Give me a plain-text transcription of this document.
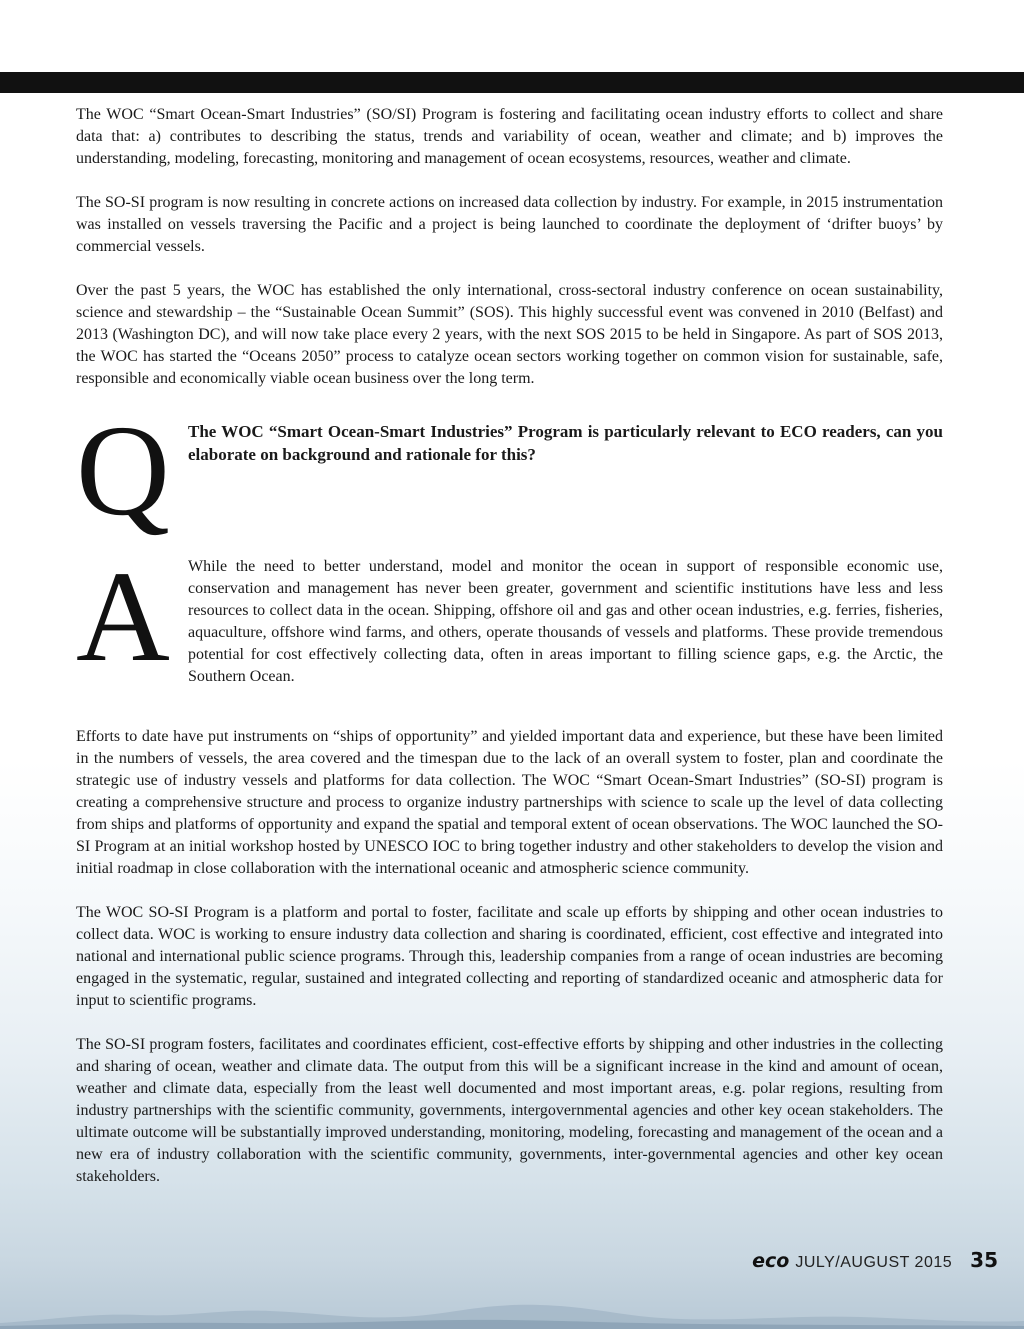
The WOC “Smart Ocean-Smart Industries” (SO/SI) Program is fostering and facilitating ocean industry efforts to collect and share data that: a) contributes to describing the status, trends and variability of ocean, weather and climate; and b) improves the understanding, modeling, forecasting, monitoring and management of ocean ecosystems, resources, weather and climate.

The SO-SI program is now resulting in concrete actions on increased data collection by industry. For example, in 2015 instrumentation was installed on vessels traversing the Pacific and a project is being launched to coordinate the deployment of ‘drifter buoys’ by commercial vessels.

Over the past 5 years, the WOC has established the only international, cross-sectoral industry conference on ocean sustainability, science and stewardship – the “Sustainable Ocean Summit” (SOS). This highly successful event was convened in 2010 (Belfast) and 2013 (Washington DC), and will now take place every 2 years, with the next SOS 2015 to be held in Singapore. As part of SOS 2013, the WOC has started the “Oceans 2050” process to catalyze ocean sectors working together on common vision for sustainable, safe, responsible and economically viable ocean business over the long term.

Q The WOC “Smart Ocean-Smart Industries” Program is particularly relevant to ECO readers, can you elaborate on background and rationale for this?

A While the need to better understand, model and monitor the ocean in support of responsible economic use, conservation and management has never been greater, government and scientific institutions have less and less resources to collect data in the ocean. Shipping, offshore oil and gas and other ocean industries, e.g. ferries, fisheries, aquaculture, offshore wind farms, and others, operate thousands of vessels and platforms. These provide tremendous potential for cost effectively collecting data, often in areas important to filling science gaps, e.g. the Arctic, the Southern Ocean.

Efforts to date have put instruments on “ships of opportunity” and yielded important data and experience, but these have been limited in the numbers of vessels, the area covered and the timespan due to the lack of an overall system to foster, plan and coordinate the strategic use of industry vessels and platforms for data collection. The WOC “Smart Ocean-Smart Industries” (SO-SI) program is creating a comprehensive structure and process to organize industry partnerships with science to scale up the level of data collecting from ships and platforms of opportunity and expand the spatial and temporal extent of ocean observations. The WOC launched the SO-SI Program at an initial workshop hosted by UNESCO IOC to bring together industry and other stakeholders to develop the vision and initial roadmap in close collaboration with the international oceanic and atmospheric science community.

The WOC SO-SI Program is a platform and portal to foster, facilitate and scale up efforts by shipping and other ocean industries to collect data. WOC is working to ensure industry data collection and sharing is coordinated, efficient, cost effective and integrated into national and international public science programs. Through this, leadership companies from a range of ocean industries are becoming engaged in the systematic, regular, sustained and integrated collecting and reporting of standardized oceanic and atmospheric data for input to scientific programs.

The SO-SI program fosters, facilitates and coordinates efficient, cost-effective efforts by shipping and other industries in the collecting and sharing of ocean, weather and climate data. The output from this will be a significant increase in the kind and amount of ocean, weather and climate data, especially from the least well documented and most important areas, e.g. polar regions, resulting from industry partnerships with the scientific community, governments, intergovernmental agencies and other key ocean stakeholders. The ultimate outcome will be substantially improved understanding, monitoring, modeling, forecasting and management of the ocean and a new era of industry collaboration with the scientific community, governments, inter-governmental agencies and other key ocean stakeholders.

eco JULY/AUGUST 2015 35
